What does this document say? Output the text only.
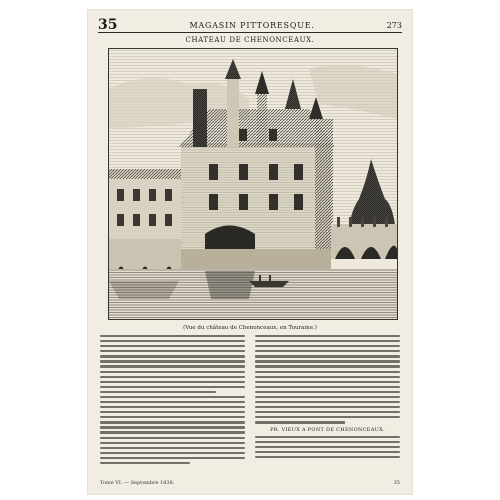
35	MAGASIN PITTORESQUE.	273
CHATEAU DE CHENONCEAUX.
(Vue du château de Chenonceaux, en Touraine.)
PR. VIEUX A PONT DE CHENONCEAUX.
Tome VI. — Septembre 1838.	35
